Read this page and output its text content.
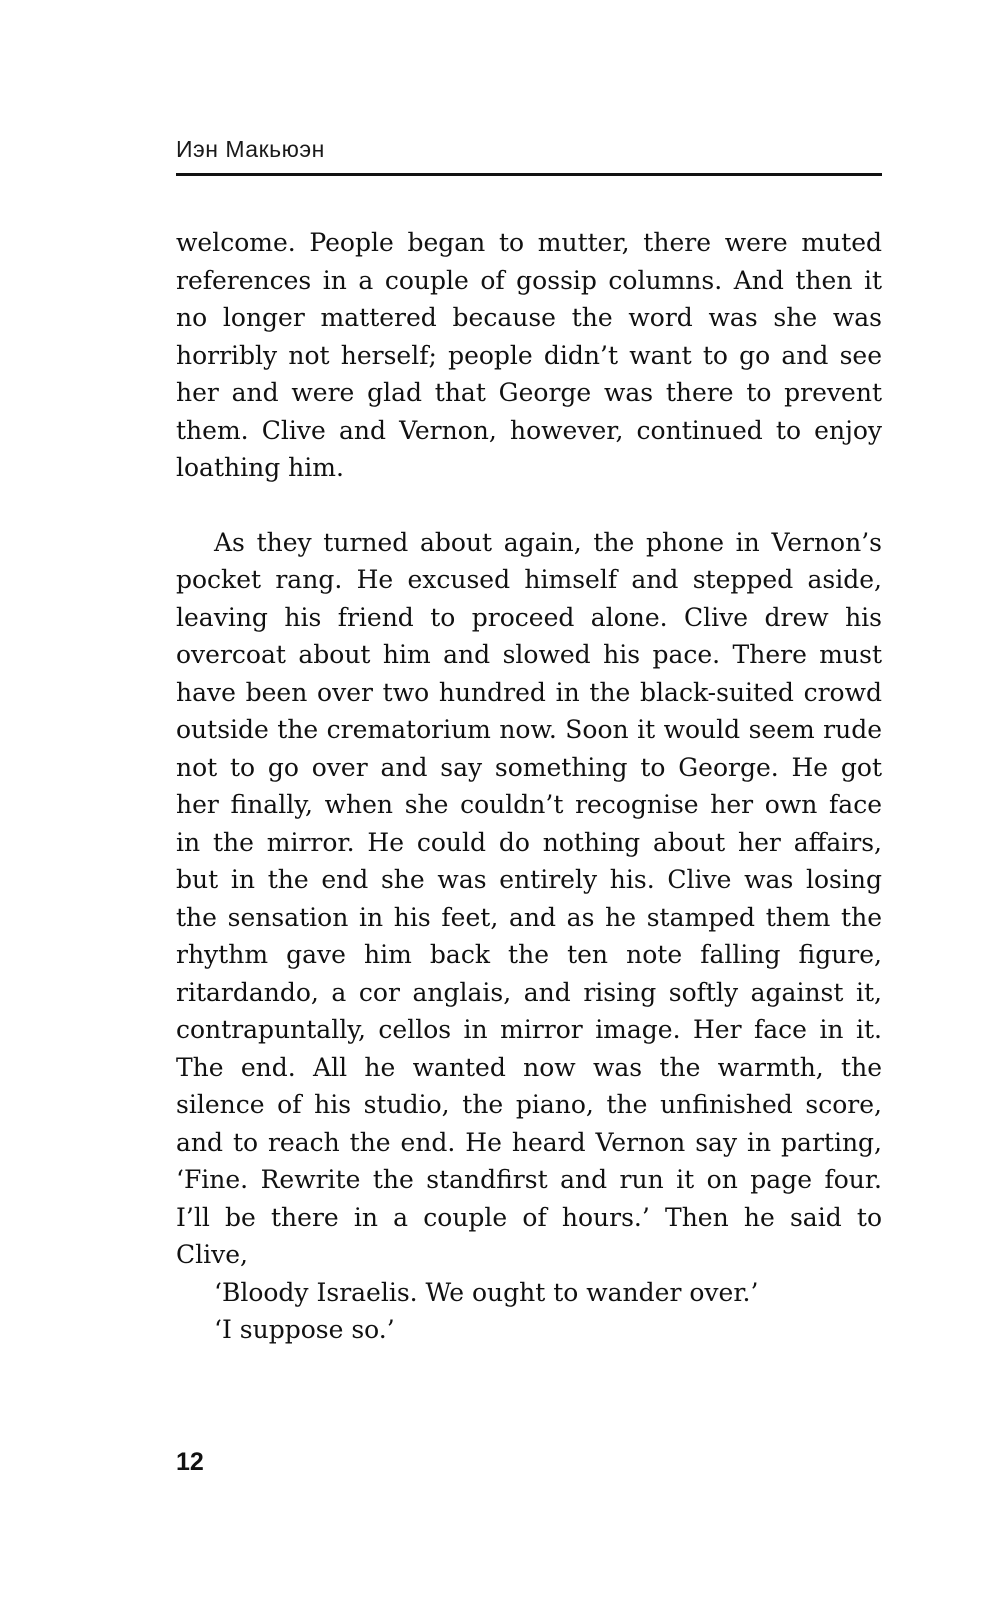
Иэн Макьюэн

welcome. People began to mutter, there were muted references in a couple of gossip columns. And then it no longer mattered because the word was she was horribly not herself; people didn’t want to go and see her and were glad that George was there to prevent them. Clive and Vernon, however, continued to enjoy loathing him.

As they turned about again, the phone in Vernon’s pocket rang. He excused himself and stepped aside, leaving his friend to proceed alone. Clive drew his overcoat about him and slowed his pace. There must have been over two hundred in the black-suited crowd outside the crematorium now. Soon it would seem rude not to go over and say something to George. He got her finally, when she couldn’t recognise her own face in the mirror. He could do nothing about her affairs, but in the end she was entirely his. Clive was losing the sensation in his feet, and as he stamped them the rhythm gave him back the ten note falling figure, ritardando, a cor anglais, and rising softly against it, contrapuntally, cellos in mirror image. Her face in it. The end. All he wanted now was the warmth, the silence of his studio, the piano, the unfinished score, and to reach the end. He heard Vernon say in parting, ‘Fine. Rewrite the standfirst and run it on page four. I’ll be there in a couple of hours.’ Then he said to Clive,

‘Bloody Israelis. We ought to wander over.’

‘I suppose so.’

12
